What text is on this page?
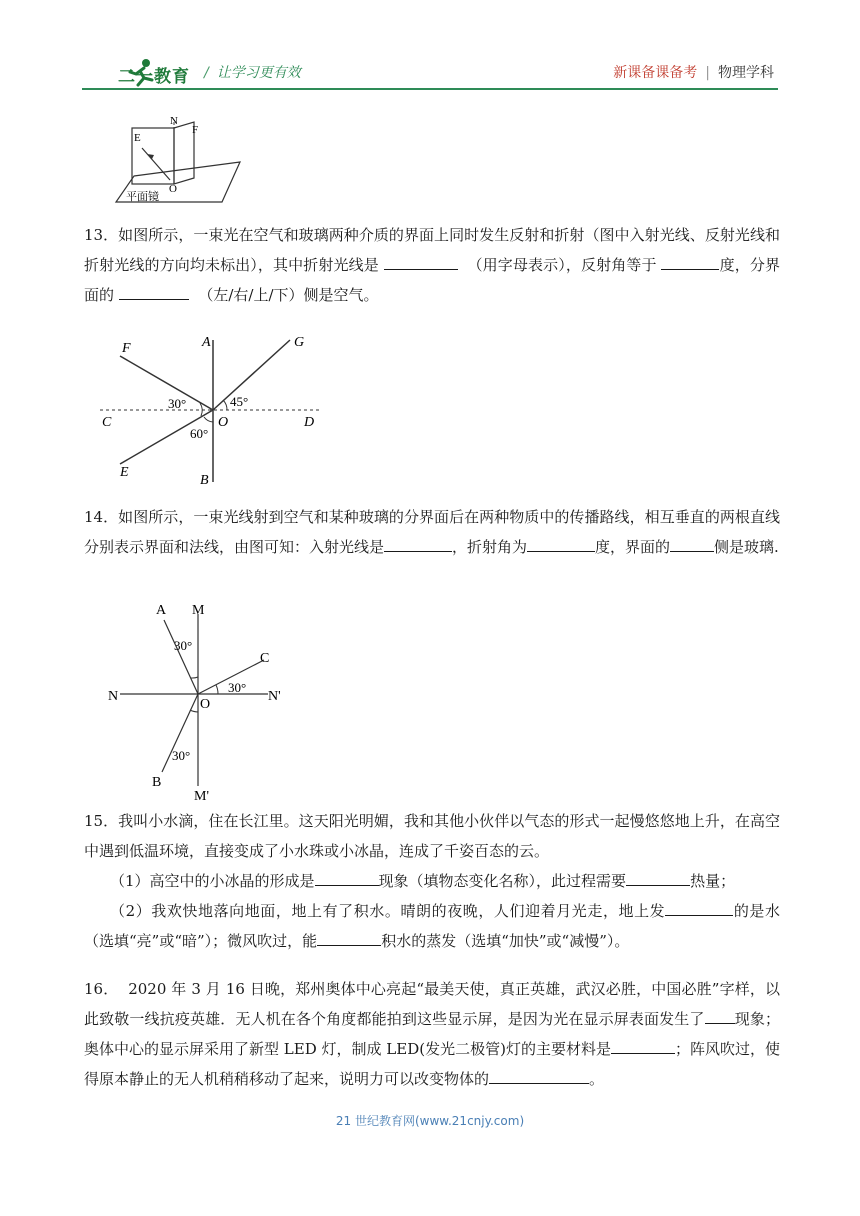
二一教育 / 让学习更有效	新课备课备考 | 物理学科
E
N
F
O
平面镜
13．如图所示，一束光在空气和玻璃两种介质的界面上同时发生反射和折射（图中入射光线、反射光线和折射光线的方向均未标出），其中折射光线是	（用字母表示），反射角等于	度，分界面的	（左/右/上/下）侧是空气。
F	A	G
C	D
O
E
B
30°	45°
60°
14．如图所示，一束光线射到空气和某种玻璃的分界面后在两种物质中的传播路线，相互垂直的两根直线分别表示界面和法线，由图可知：入射光线是	，折射角为	度，界面的	侧是玻璃.
A M
C
N	N'
O
B
M'
30°
30°
30°
15．我叫小水滴，住在长江里。这天阳光明媚，我和其他小伙伴以气态的形式一起慢悠悠地上升，在高空中遇到低温环境，直接变成了小水珠或小冰晶，连成了千姿百态的云。
（1）高空中的小冰晶的形成是	现象（填物态变化名称），此过程需要	热量；
（2）我欢快地落向地面，地上有了积水。晴朗的夜晚，人们迎着月光走，地上发	的是水（选填“亮”或“暗”）；微风吹过，能	积水的蒸发（选填“加快”或“减慢”）。
16． 2020 年 3 月 16 日晚，郑州奥体中心亮起“最美天使，真正英雄，武汉必胜，中国必胜”字样，以此致敬一线抗疫英雄．无人机在各个角度都能拍到这些显示屏，是因为光在显示屏表面发生了 现象；奥体中心的显示屏采用了新型 LED 灯，制成 LED(发光二极管)灯的主要材料是	；阵风吹过，使得原本静止的无人机稍稍移动了起来，说明力可以改变物体的	。
21 世纪教育网(www.21cnjy.com)
